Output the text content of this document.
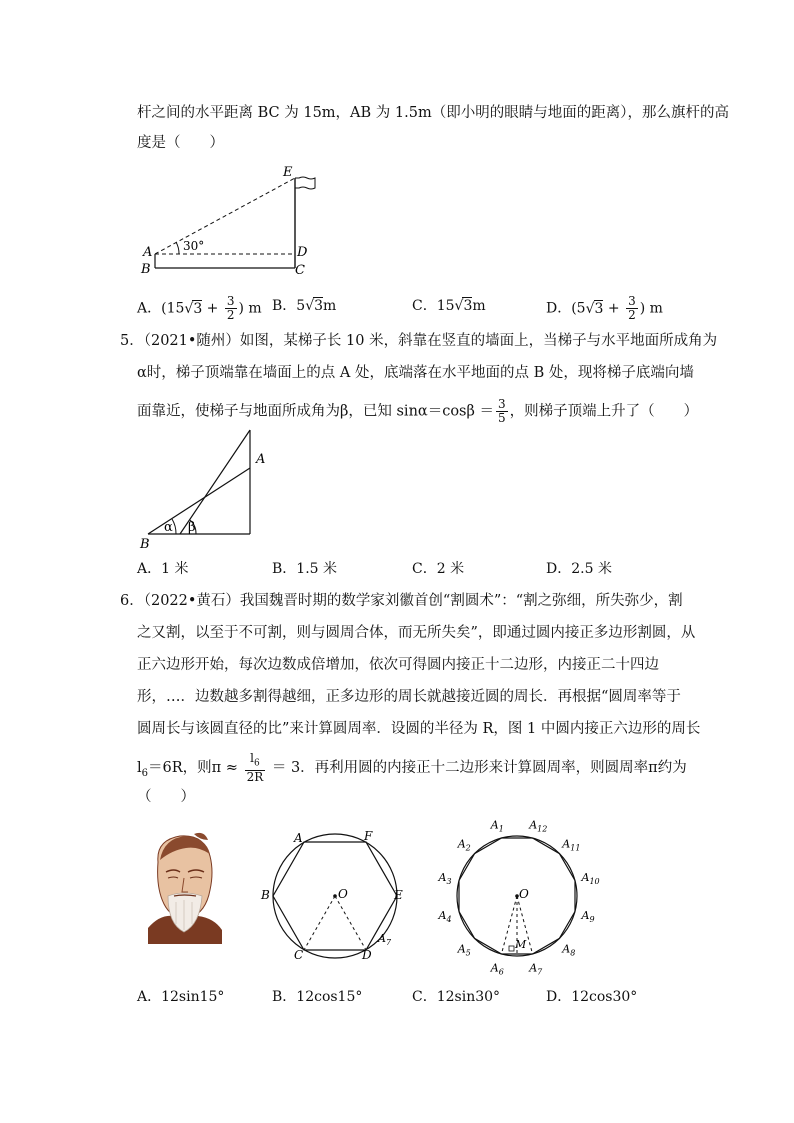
杆之间的水平距离 BC 为 15m，AB 为 1.5m（即小明的眼睛与地面的距离），那么旗杆的高
度是（　　）
E
A
B
D
C
30°
A．($15√3 + \frac{3}{2}$ ) m B．5√3m	C．15√3m	D．($5√3 + \frac{3}{2}$ ) m
5．（2021•随州）如图，某梯子长 10 米，斜靠在竖直的墙面上，当梯子与水平地面所成角为
α时，梯子顶端靠在墙面上的点 A 处，底端落在水平地面的点 B 处，现将梯子底端向墙
面靠近，使梯子与地面所成角为β，已知 $\sin\alpha=\cos\beta = \frac{3}{5}$ ，则梯子顶端上升了（　　）
A
B
α β
A．1 米	B．1.5 米	C．2 米	D．2.5 米
6．（2022•黄石）我国魏晋时期的数学家刘徽首创“割圆术”：“割之弥细，所失弥少，割
之又割，以至于不可割，则与圆周合体，而无所失矣”，即通过圆内接正多边形割圆，从
正六边形开始，每次边数成倍增加，依次可得圆内接正十二边形，内接正二十四边
形，…．边数越多割得越细，正多边形的周长就越接近圆的周长．再根据“圆周率等于
圆周长与该圆直径的比”来计算圆周率．设圆的半径为 R，图 1 中圆内接正六边形的周长
$l_6=6R$，则$\pi \approx \frac{l_6}{2R} = 3$．再利用圆的内接正十二边形来计算圆周率，则圆周率π约为
（　　）
A	F
B	O	E
C	D
$A_7$
O
M
$A_1$ $A_{12}$
$A_2$	$A_{11}$
$A_3$	$A_{10}$
$A_4$	$A_9$
$A_5$	$A_8$
$A_6$ $A_7$
A．12sin15°	B．12cos15°	C．12sin30°	D．12cos30°
